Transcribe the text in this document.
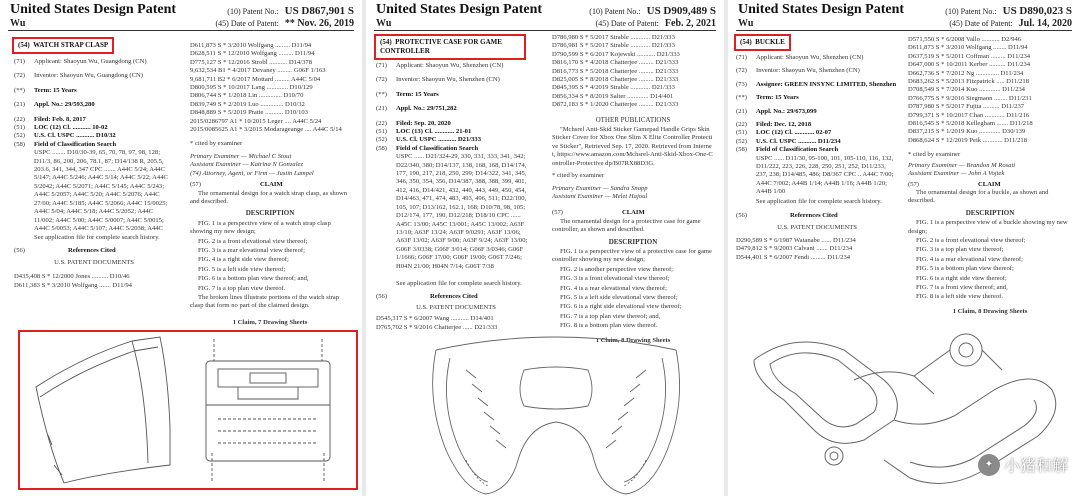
United States Design Patent
Wu
(10) Patent No.: US D867,901 S
(45) Date of Patent: ** Nov. 26, 2019
(54) WATCH STRAP CLASP
(71)	Applicant: Shaoyun Wu, Guangdong (CN)
(72)	Inventor: Shaoyun Wu, Guangdong (CN)
(**)	Term: 15 Years
(21)	Appl. No.: 29/593,280
(22)	Filed: Feb. 8, 2017
(51)	LOC (12) Cl. ........... 10-02
(52)	U.S. Cl. USPC ........... D10/32
(58)	Field of Classification Search
USPC ........ D10/30-39, 65, 70, 78, 97, 98, 128; D11/3, 86, 200, 206, 78.1, 87; D14/138 R, 205.5, 203.6, 341, 344, 347 CPC ....... A44C 5/24; A44C 5/147; A44C 5/246; A44C 5/14; A44C 5/22; A44C 5/2042; A44C 5/2071; A44C 5/145; A44C 5/243; A44C 5/2057; A44C 5/20; A44C 5/2076; A44C 27/00; A44C 5/185; A44C 5/2066; A44C 15/0025; A44C 5/04; A44C 5/18; A44C 5/2052; A44C 11/002; A44C 5/00; A44C 5/0007; A44C 5/0015; A44C 5/0053; A44C 5/107; A44C 5/2038; A44C
See application file for complete search history.
(56)	References Cited
U.S. PATENT DOCUMENTS
D435,408 S * 12/2000 Jones .......... D10/46
D611,383 S * 3/2010 Wolfgang ....... D11/94
D611,873 S * 3/2010 Wolfgang ......... D11/94
D628,511 S * 12/2010 Wolfgang ......... D11/94
D775,127 S * 12/2016 Strobl ........... D14/378
9,632,534 B1 * 4/2017 Devaney ......... G06F 1/163
9,681,711 B2 * 6/2017 Mottard ......... A44C 5/04
D800,595 S * 10/2017 Lang ............. D10/129
D806,744 S * 1/2018 Lin .............. D10/70
D839,749 S * 2/2019 Luo .............. D10/32
D848,889 S * 5/2019 Pratte ........... D10/103
2015/0286797 A1 * 10/2015 Leger .... A44C 5/24
2015/0085625 A1 * 3/2015 Modarageange .... A44C 5/14
* cited by examiner
Primary Examiner — Michael C Stout
Assistant Examiner — Katrina N Gonzalez
(74) Attorney, Agent, or Firm — Justin Lampel
(57)	CLAIM
The ornamental design for a watch strap clasp, as shown and described.
DESCRIPTION
FIG. 1 is a perspective view of a watch strap clasp showing my new design;
FIG. 2 is a front elevational view thereof;
FIG. 3 is a rear elevational view thereof;
FIG. 4 is a right side view thereof;
FIG. 5 is a left side view thereof;
FIG. 6 is a bottom plan view thereof; and,
FIG. 7 is a top plan view thereof.
The broken lines illustrate portions of the watch strap clasp that form no part of the claimed design.
1 Claim, 7 Drawing Sheets
United States Design Patent
Wu
(10) Patent No.: US D909,489 S
(45) Date of Patent: Feb. 2, 2021
(54) PROTECTIVE CASE FOR GAME CONTROLLER
(71)	Applicant: Shaoyun Wu, Shenzhen (CN)
(72)	Inventor: Shaoyun Wu, Shenzhen (CN)
(**)	Term: 15 Years
(21)	Appl. No.: 29/751,282
(22)	Filed: Sep. 20, 2020
(51)	LOC (13) Cl. ............ 21-01
(52)	U.S. Cl. USPC ........... D21/333
(58)	Field of Classification Search
USPC ...... D21/324-29, 330, 331, 333, 341, 342; D22/340, 380; D14/137, 138, 168, 168, D14/174, 177, 190, 217, 218, 250, 299; D14/322, 341, 345, 346, 350, 354, 356, D14/387, 388, 388, 399, 401, 412, 416, D14/421, 432, 440, 443, 449, 450, 454, D14/463, 471, 474, 483, 493, 496, 511; D22/100, 105, 107; D13/162, 162.1, 168; D10/78, 98, 105; D12/174, 177, 190, D12/218; D18/10 CPC ...... A45C 13/00; A45C 13/001; A45C 13/002; A63F 13/10; A63F 13/24; A63F 9/0291; A63F 13/06; A63F 13/02; A63F 9/00; A63F 9/24; A63F 13/00; G06F 3/0338; G06F 3/014; G06F 3/0346; G06F 1/1666; G06F 17/00; G06F 19/00; G06T 7/246; H04N 21/00; H04N 7/14; G06T 7/38
See application file for complete search history.
(56)	References Cited
U.S. PATENT DOCUMENTS
D545,317 S * 6/2007 Wang ........... D14/401
D765,702 S * 9/2016 Chatterjee ...... D21/333
D786,980 S * 5/2017 Strable ............ D21/333
D786,981 S * 5/2017 Strable ............ D21/333
D790,599 S * 6/2017 Kojewski ........... D21/333
D816,170 S * 4/2018 Chatterjee ......... D21/333
D816,773 S * 5/2018 Chatterjee ......... D21/333
D825,005 S * 8/2018 Chatterjee ......... D21/333
D845,395 S * 4/2019 Strable ............ D21/333
D856,334 S * 8/2019 Salter ............. D14/401
D872,183 S * 1/2020 Chatterjee ......... D21/333
OTHER PUBLICATIONS
"Mchsrel Anti-Skid Sticker Gamepad Handle Grips Skin Sticker Cover for Xbox One Slim X Elite Controller Protective Sticker", Retrieved Sep. 17, 2020. Retrieved from Internet, https://www.amazon.com/Mchsrel-Anti-Skid-Xbox-One-Controller-Protective dp/B07RX88D3G.
* cited by examiner
Primary Examiner — Sandra Snapp
Assistant Examiner — Melet Hajoul
(57)	CLAIM
The ornamental design for a protective case for game controller, as shown and described.
DESCRIPTION
FIG. 1 is a perspective view of a protective case for game controller showing my new design;
FIG. 2 is another perspective view thereof;
FIG. 3 is a front elevational view thereof;
FIG. 4 is a rear elevational view thereof;
FIG. 5 is a left side elevational view thereof;
FIG. 6 is a right side elevational view thereof;
FIG. 7 is a top plan view thereof; and,
FIG. 8 is a bottom plan view thereof.
1 Claim, 8 Drawing Sheets
United States Design Patent
Wu
(10) Patent No.: US D890,023 S
(45) Date of Patent: Jul. 14, 2020
(54) BUCKLE
(71)	Applicant: Shaoyun Wu, Shenzhen (CN)
(72)	Inventor: Shaoyun Wu, Shenzhen (CN)
(73)	Assignee: GREEN INSYNC LIMITED, Shenzhen
(**)	Term: 15 Years
(21)	Appl. No.: 29/673,099
(22)	Filed: Dec. 12, 2018
(51)	LOC (12) Cl. ............ 02-07
(52)	U.S. Cl. USPC ........... D11/234
(58)	Field of Classification Search
USPC ...... D11/30, 95-100, 101, 105-110, 116, 132, D11/222, 223, 226, 228, 250, 251, 252, D11/233, 237, 238; D14/485, 486; D8/367 CPC .. A44C 7/00; A44C 7/002; A44B 1/14; A44B 1/16; A44B 1/20; A44B 1/00
See application file for complete search history.
(56)	References Cited
U.S. PATENT DOCUMENTS
D290,589 S * 6/1987 Watanabe ...... D11/234
D479,812 S * 9/2003 Calvani ....... D11/234
D544,401 S * 6/2007 Fendi ......... D11/234
D571,550 S * 6/2008 Vallo ........... D2/946
D611,873 S * 3/2010 Wolfgang ........ D11/94
D637,519 S * 5/2011 Coffman ......... D11/234
D647,000 S * 10/2011 Kerber .......... D11/234
D662,736 S * 7/2012 Ng .............. D11/234
D683,262 S * 5/2013 Fitzpatrick ..... D11/218
D708,549 S * 7/2014 Kuo ............. D11/234
D766,775 S * 9/2016 Siegmann ........ D11/231
D787,980 S * 5/2017 Fujita .......... D11/237
D799,371 S * 10/2017 Chan ............ D11/216
D816,545 S * 5/2018 Kellegham ....... D11/218
D837,215 S * 1/2019 Kuo ............. D30/139
D868,624 S * 12/2019 Peik ............ D11/218
* cited by examiner
Primary Examiner — Brandon M Rosati
Assistant Examiner — John A Vojtek
(57)	CLAIM
The ornamental design for a buckle, as shown and described.
DESCRIPTION
FIG. 1 is a perspective view of a buckle showing my new design;
FIG. 2 is a front elevational view thereof;
FIG. 3 is a top plan view thereof;
FIG. 4 is a rear elevational view thereof;
FIG. 5 is a bottom plan view thereof;
FIG. 6 is a right side view thereof;
FIG. 7 is a front view thereof; and,
FIG. 8 is a left side view thereof.
1 Claim, 8 Drawing Sheets
✦ 小猪和解
